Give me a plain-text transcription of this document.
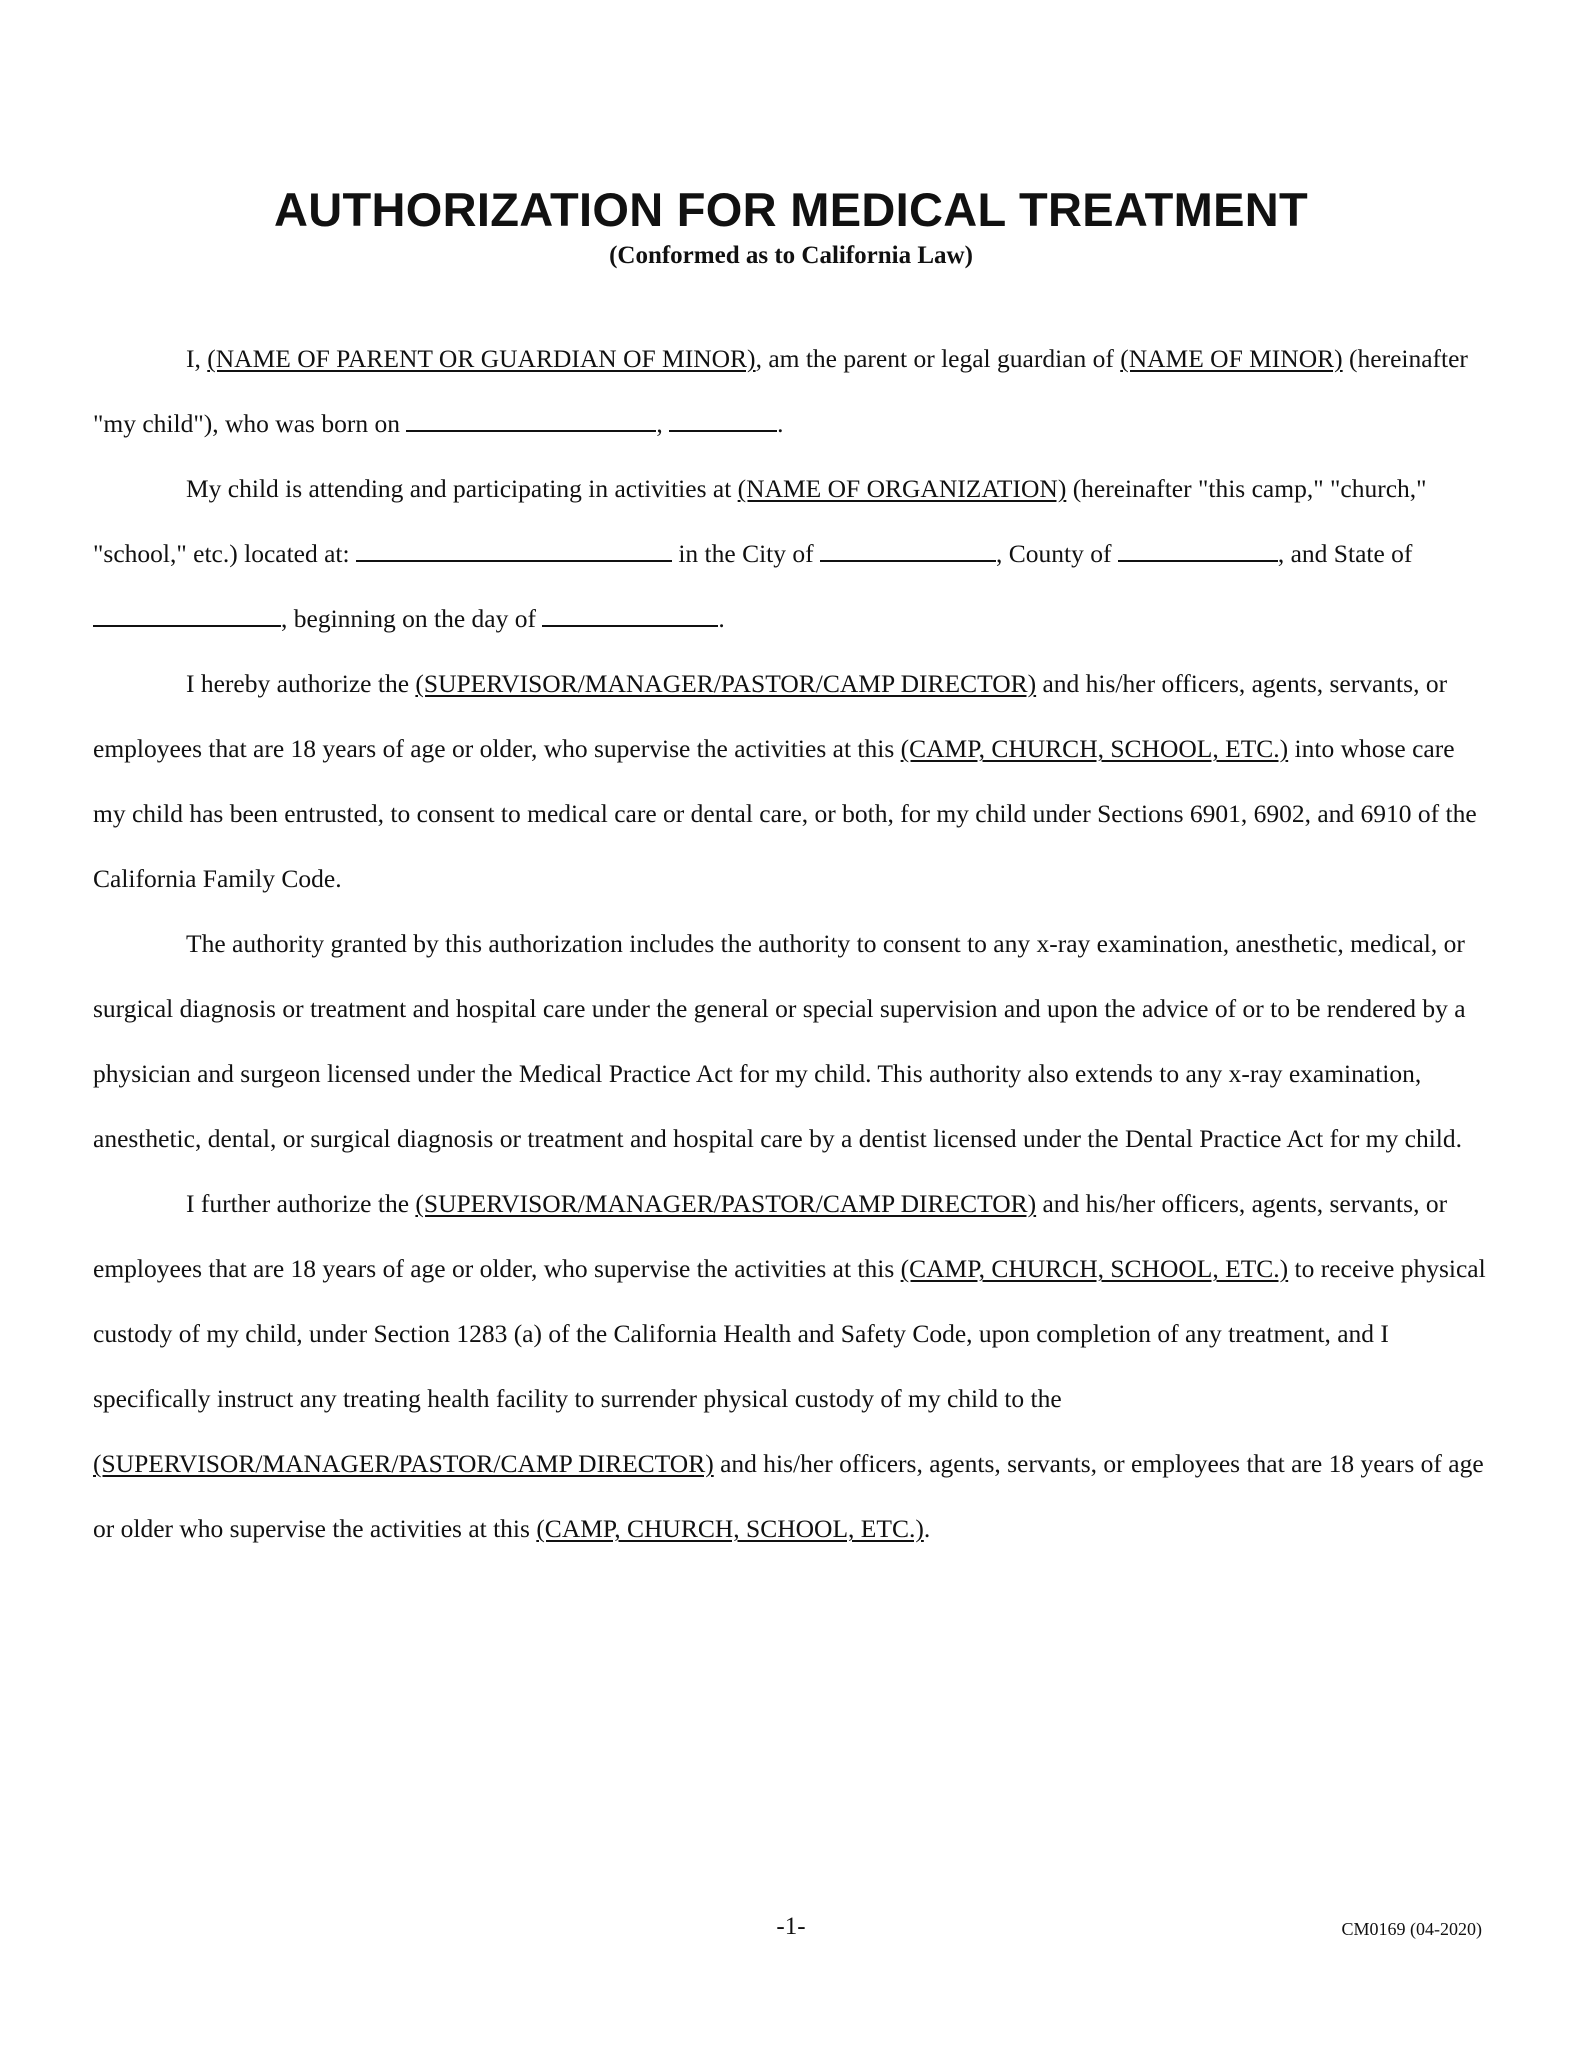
AUTHORIZATION FOR MEDICAL TREATMENT
(Conformed as to California Law)

I, (NAME OF PARENT OR GUARDIAN OF MINOR), am the parent or legal guardian of (NAME OF MINOR) (hereinafter "my child"), who was born on	,	.

My child is attending and participating in activities at (NAME OF ORGANIZATION) (hereinafter "this camp," "church," "school," etc.) located at:	in the City of	, County of	, and State of , beginning on the day of	.

I hereby authorize the (SUPERVISOR/MANAGER/PASTOR/CAMP DIRECTOR) and his/her officers, agents, servants, or employees that are 18 years of age or older, who supervise the activities at this (CAMP, CHURCH, SCHOOL, ETC.) into whose care my child has been entrusted, to consent to medical care or dental care, or both, for my child under Sections 6901, 6902, and 6910 of the California Family Code.

The authority granted by this authorization includes the authority to consent to any x-ray examination, anesthetic, medical, or surgical diagnosis or treatment and hospital care under the general or special supervision and upon the advice of or to be rendered by a physician and surgeon licensed under the Medical Practice Act for my child. This authority also extends to any x-ray examination, anesthetic, dental, or surgical diagnosis or treatment and hospital care by a dentist licensed under the Dental Practice Act for my child.

I further authorize the (SUPERVISOR/MANAGER/PASTOR/CAMP DIRECTOR) and his/her officers, agents, servants, or employees that are 18 years of age or older, who supervise the activities at this (CAMP, CHURCH, SCHOOL, ETC.) to receive physical custody of my child, under Section 1283 (a) of the California Health and Safety Code, upon completion of any treatment, and I specifically instruct any treating health facility to surrender physical custody of my child to the (SUPERVISOR/MANAGER/PASTOR/CAMP DIRECTOR) and his/her officers, agents, servants, or employees that are 18 years of age or older who supervise the activities at this (CAMP, CHURCH, SCHOOL, ETC.).

-1-	CM0169 (04-2020)
